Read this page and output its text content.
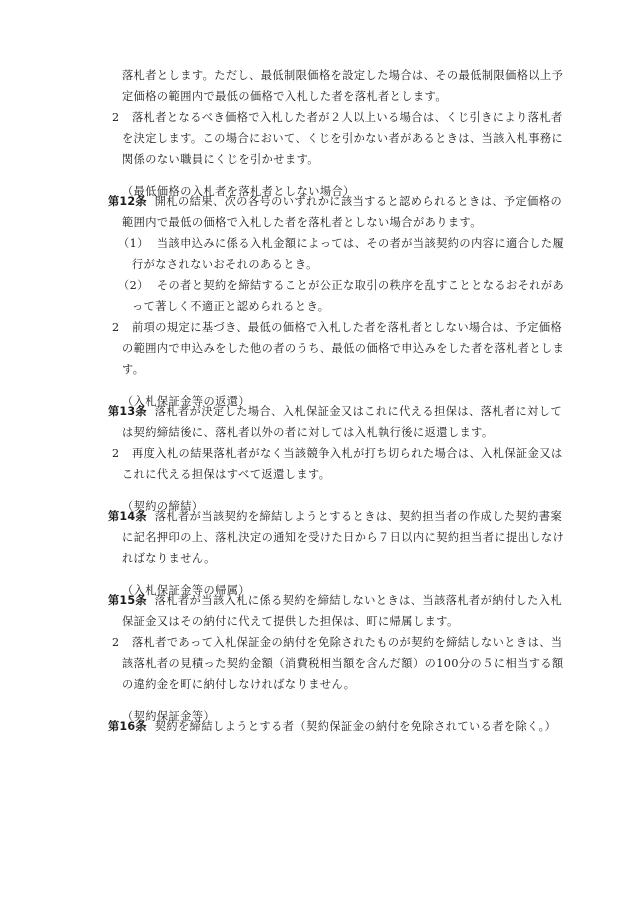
落札者とします。ただし、最低制限価格を設定した場合は、その最低制限価格以上予

定価格の範囲内で最低の価格で入札した者を落札者とします。

2 落札者となるべき価格で入札した者が２人以上いる場合は、くじ引きにより落札者

を決定します。この場合において、くじを引かない者があるときは、当該入札事務に

関係のない職員にくじを引かせます。

（最低価格の入札者を落札者としない場合）

第12条 開札の結果、次の各号のいずれかに該当すると認められるときは、予定価格の

範囲内で最低の価格で入札した者を落札者としない場合があります。

（1） 当該申込みに係る入札金額によっては、その者が当該契約の内容に適合した履

行がなされないおそれのあるとき。

（2） その者と契約を締結することが公正な取引の秩序を乱すこととなるおそれがあ

って著しく不適正と認められるとき。

2 前項の規定に基づき、最低の価格で入札した者を落札者としない場合は、予定価格

の範囲内で申込みをした他の者のうち、最低の価格で申込みをした者を落札者としま

す。

（入札保証金等の返還）

第13条 落札者が決定した場合、入札保証金又はこれに代える担保は、落札者に対して

は契約締結後に、落札者以外の者に対しては入札執行後に返還します。

2 再度入札の結果落札者がなく当該競争入札が打ち切られた場合は、入札保証金又は

これに代える担保はすべて返還します。

（契約の締結）

第14条 落札者が当該契約を締結しようとするときは、契約担当者の作成した契約書案

に記名押印の上、落札決定の通知を受けた日から７日以内に契約担当者に提出しなけ

ればなりません。

（入札保証金等の帰属）

第15条 落札者が当該入札に係る契約を締結しないときは、当該落札者が納付した入札

保証金又はその納付に代えて提供した担保は、町に帰属します。

2 落札者であって入札保証金の納付を免除されたものが契約を締結しないときは、当

該落札者の見積った契約金額（消費税相当額を含んだ額）の100分の５に相当する額

の違約金を町に納付しなければなりません。

（契約保証金等）

第16条 契約を締結しようとする者（契約保証金の納付を免除されている者を除く。）
